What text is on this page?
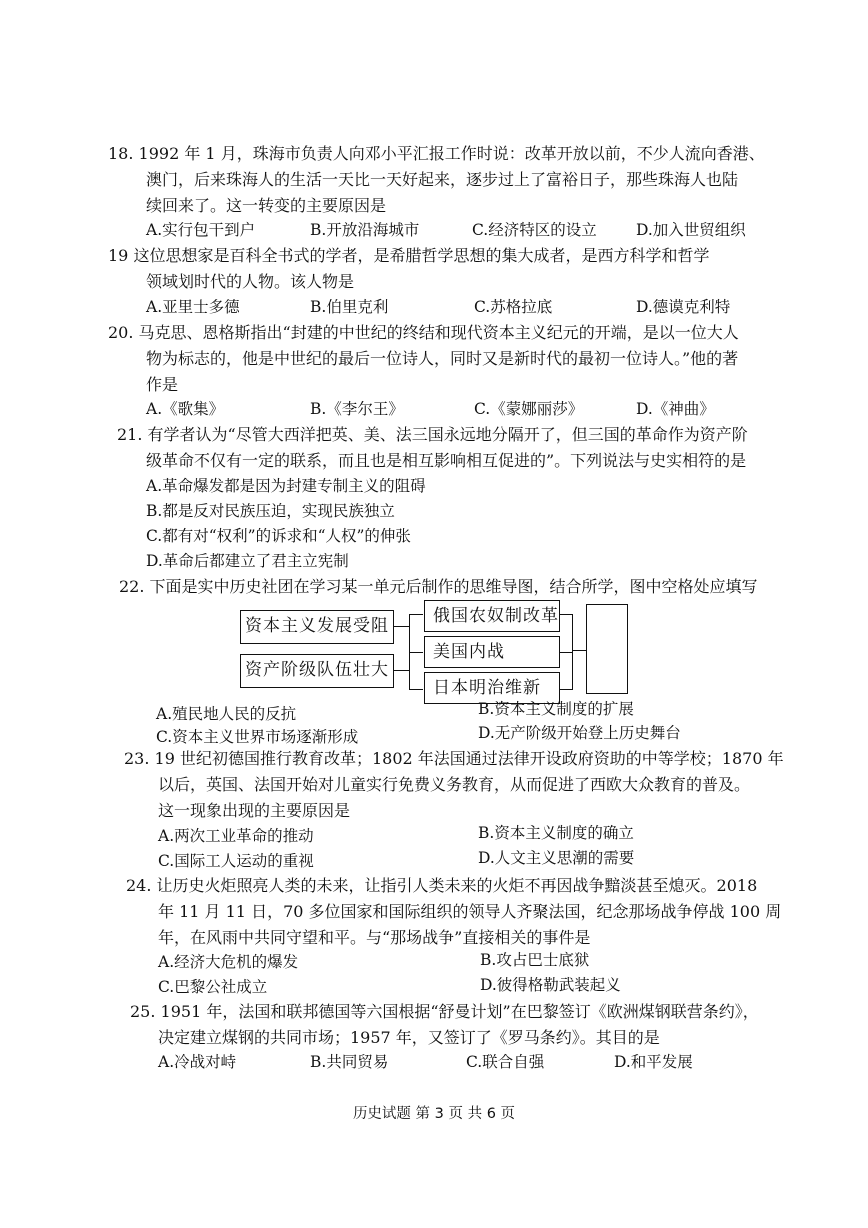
18. 1992 年 1 月，珠海市负责人向邓小平汇报工作时说：改革开放以前，不少人流向香港、
澳门，后来珠海人的生活一天比一天好起来，逐步过上了富裕日子，那些珠海人也陆
续回来了。这一转变的主要原因是
A.实行包干到户	B.开放沿海城市	C.经济特区的设立	D.加入世贸组织
19 这位思想家是百科全书式的学者，是希腊哲学思想的集大成者，是西方科学和哲学
领域划时代的人物。该人物是
A.亚里士多德	B.伯里克利	C.苏格拉底	D.德谟克利特
20. 马克思、恩格斯指出“封建的中世纪的终结和现代资本主义纪元的开端，是以一位大人
物为标志的，他是中世纪的最后一位诗人，同时又是新时代的最初一位诗人。”他的著
作是
A.《歌集》	B.《李尔王》	C.《蒙娜丽莎》	D.《神曲》
21. 有学者认为“尽管大西洋把英、美、法三国永远地分隔开了，但三国的革命作为资产阶
级革命不仅有一定的联系，而且也是相互影响相互促进的”。下列说法与史实相符的是
A.革命爆发都是因为封建专制主义的阻碍
B.都是反对民族压迫，实现民族独立
C.都有对“权利”的诉求和“人权”的伸张
D.革命后都建立了君主立宪制
22. 下面是实中历史社团在学习某一单元后制作的思维导图，结合所学，图中空格处应填写
资本主义发展受阻
资产阶级队伍壮大
俄国农奴制改革
美国内战
日本明治维新
A.殖民地人民的反抗	B.资本主义制度的扩展
C.资本主义世界市场逐渐形成	D.无产阶级开始登上历史舞台
23. 19 世纪初德国推行教育改革；1802 年法国通过法律开设政府资助的中等学校；1870 年
以后，英国、法国开始对儿童实行免费义务教育，从而促进了西欧大众教育的普及。
这一现象出现的主要原因是
A.两次工业革命的推动	B.资本主义制度的确立
C.国际工人运动的重视	D.人文主义思潮的需要
24. 让历史火炬照亮人类的未来，让指引人类未来的火炬不再因战争黯淡甚至熄灭。2018
年 11 月 11 日，70 多位国家和国际组织的领导人齐聚法国，纪念那场战争停战 100 周
年，在风雨中共同守望和平。与“那场战争”直接相关的事件是
A.经济大危机的爆发	B.攻占巴士底狱
C.巴黎公社成立	D.彼得格勒武装起义
25. 1951 年，法国和联邦德国等六国根据“舒曼计划”在巴黎签订《欧洲煤钢联营条约》，
决定建立煤钢的共同市场；1957 年，又签订了《罗马条约》。其目的是
A.冷战对峙	B.共同贸易	C.联合自强	D.和平发展
历史试题 第 3 页 共 6 页
